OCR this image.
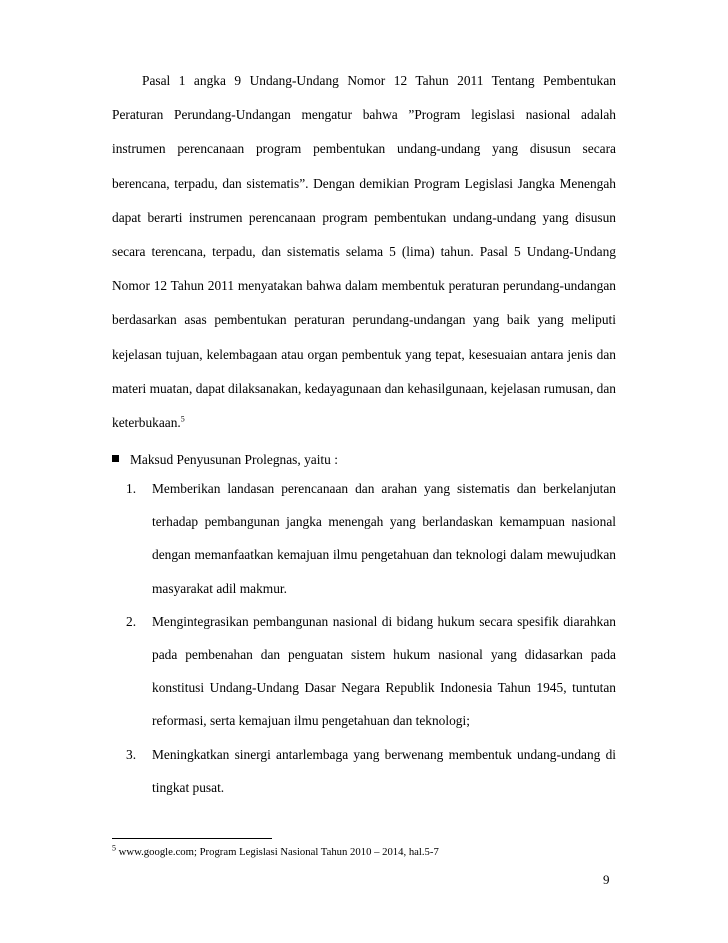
Pasal 1 angka 9 Undang-Undang Nomor 12 Tahun 2011 Tentang Pembentukan Peraturan Perundang-Undangan mengatur bahwa ”Program legislasi nasional adalah instrumen perencanaan program pembentukan undang-undang yang disusun secara berencana, terpadu, dan sistematis”. Dengan demikian Program Legislasi Jangka Menengah dapat berarti instrumen perencanaan program pembentukan undang-undang yang disusun secara terencana, terpadu, dan sistematis selama 5 (lima) tahun. Pasal 5 Undang-Undang Nomor 12 Tahun 2011 menyatakan bahwa dalam membentuk peraturan perundang-undangan berdasarkan asas pembentukan peraturan perundang-undangan yang baik yang meliputi kejelasan tujuan, kelembagaan atau organ pembentuk yang tepat, kesesuaian antara jenis dan materi muatan, dapat dilaksanakan, kedayagunaan dan kehasilgunaan, kejelasan rumusan, dan keterbukaan.$^5$

Maksud Penyusunan Prolegnas, yaitu :
1. Memberikan landasan perencanaan dan arahan yang sistematis dan berkelanjutan terhadap pembangunan jangka menengah yang berlandaskan kemampuan nasional dengan memanfaatkan kemajuan ilmu pengetahuan dan teknologi dalam mewujudkan masyarakat adil makmur.
2. Mengintegrasikan pembangunan nasional di bidang hukum secara spesifik diarahkan pada pembenahan dan penguatan sistem hukum nasional yang didasarkan pada konstitusi Undang-Undang Dasar Negara Republik Indonesia Tahun 1945, tuntutan reformasi, serta kemajuan ilmu pengetahuan dan teknologi;
3. Meningkatkan sinergi antarlembaga yang berwenang membentuk undang-undang di tingkat pusat.

$^5$ www.google.com; Program Legislasi Nasional Tahun 2010 – 2014, hal.5-7

9
